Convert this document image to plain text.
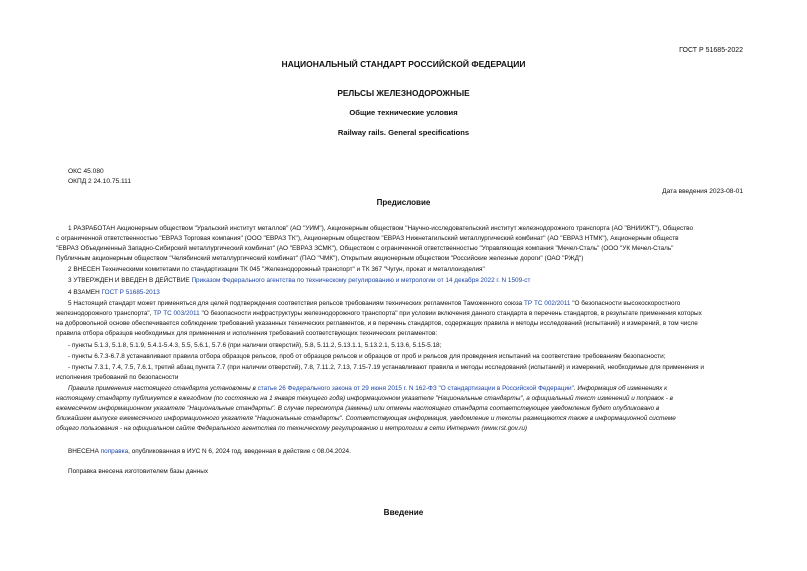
ГОСТ Р 51685-2022
НАЦИОНАЛЬНЫЙ СТАНДАРТ РОССИЙСКОЙ ФЕДЕРАЦИИ
РЕЛЬСЫ ЖЕЛЕЗНОДОРОЖНЫЕ
Общие технические условия
Railway rails. General specifications
ОКС 45.080
ОКПД 2 24.10.75.111
Дата введения 2023-08-01
Предисловие
1 РАЗРАБОТАН Акционерным обществом "Уральский институт металлов" (АО "УИМ"), Акционерным обществом "Научно-исследовательский институт железнодорожного транспорта (АО "ВНИИЖТ"), Общество
с ограниченной ответственностью "ЕВРАЗ Торговая компания" (ООО "ЕВРАЗ ТК"), Акционерным обществом "ЕВРАЗ Нижнетагильский металлургический комбинат" (АО "ЕВРАЗ НТМК"), Акционерным обществ
"ЕВРАЗ Объединенный Западно-Сибирский металлургический комбинат" (АО "ЕВРАЗ ЗСМК"), Обществом с ограниченной ответственностью "Управляющая компания "Мечел-Сталь" (ООО "УК Мечел-Сталь"
Публичным акционерным обществом "Челябинский металлургический комбинат" (ПАО "ЧМК"), Открытым акционерным обществом "Российские железные дороги" (ОАО "РЖД")
2 ВНЕСЕН Техническими комитетами по стандартизации ТК 045 "Железнодорожный транспорт" и ТК 367 "Чугун, прокат и металлоизделия"
3 УТВЕРЖДЕН И ВВЕДЕН В ДЕЙСТВИЕ Приказом Федерального агентства по техническому регулированию и метрологии от 14 декабря 2022 г. N 1509-ст
4 ВЗАМЕН ГОСТ Р 51685-2013
5 Настоящий стандарт может применяться для целей подтверждения соответствия рельсов требованиям технических регламентов Таможенного союза ТР ТС 002/2011 "О безопасности высокоскоростного
железнодорожного транспорта", ТР ТС 003/2011 "О безопасности инфраструктуры железнодорожного транспорта" при условии включения данного стандарта в перечень стандартов, в результате применения которых
на добровольной основе обеспечивается соблюдение требований указанных технических регламентов, и в перечень стандартов, содержащих правила и методы исследований (испытаний) и измерений, в том числе
правила отбора образцов необходимых для применения и исполнения требований соответствующих технических регламентов:
- пункты 5.1.3, 5.1.8, 5.1.9, 5.4.1-5.4.3, 5.5, 5.6.1, 5.7.6 (при наличии отверстий), 5.8, 5.11.2, 5.13.1.1, 5.13.2.1, 5.13.6, 5.15-5.18;
- пункты 6.7.3-6.7.8 устанавливают правила отбора образцов рельсов, проб от образцов рельсов и образцов от проб и рельсов для проведения испытаний на соответствие требованиям безопасности;
- пункты 7.3.1, 7.4, 7.5, 7.6.1, третий абзац пункта 7.7 (при наличии отверстий), 7.8, 7.11.2, 7.13, 7.15-7.19 устанавливают правила и методы исследований (испытаний) и измерений, необходимые для применения и
исполнения требований по безопасности
Правила применения настоящего стандарта установлены в статье 26 Федерального закона от 29 июня 2015 г. N 162-ФЗ "О стандартизации в Российской Федерации". Информация об изменениях к
настоящему стандарту публикуется в ежегодном (по состоянию на 1 января текущего года) информационном указателе "Национальные стандарты", а официальный текст изменений и поправок - в
ежемесячном информационном указателе "Национальные стандарты". В случае пересмотра (замены) или отмены настоящего стандарта соответствующее уведомление будет опубликовано в
ближайшем выпуске ежемесячного информационного указателя "Национальные стандарты". Соответствующая информация, уведомление и тексты размещаются также в информационной системе
общего пользования - на официальном сайте Федерального агентства по техническому регулированию и метрологии в сети Интернет (www.rst.gov.ru)
ВНЕСЕНА поправка, опубликованная в ИУС N 6, 2024 год, введенная в действие с 08.04.2024.
Поправка внесена изготовителем базы данных
Введение
